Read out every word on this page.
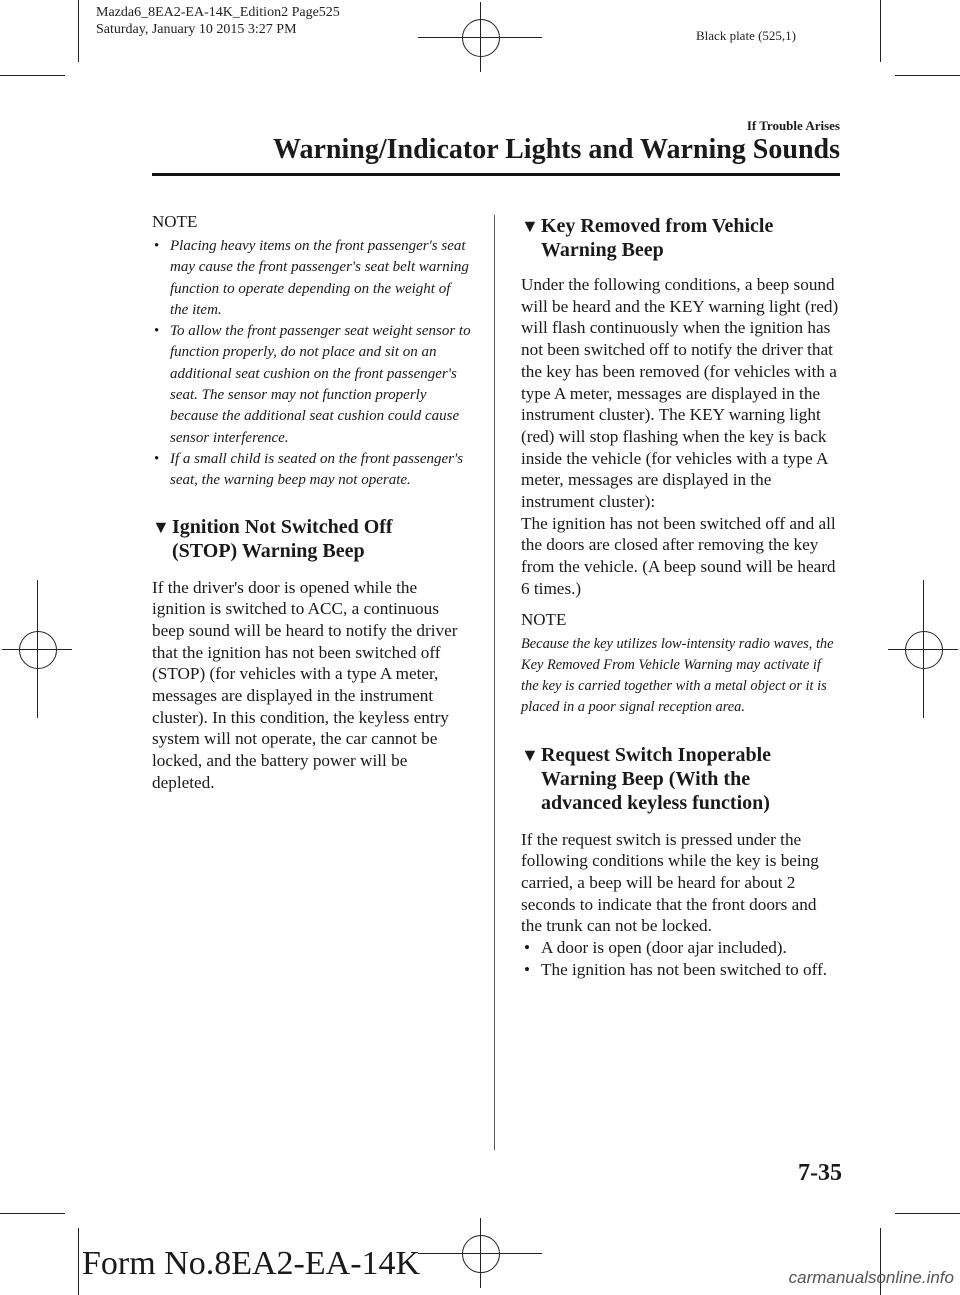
Mazda6_8EA2-EA-14K_Edition2 Page525
Saturday, January 10 2015 3:27 PM	Black plate (525,1)
If Trouble Arises
Warning/Indicator Lights and Warning Sounds
NOTE
• Placing heavy items on the front passenger's seat may cause the front passenger's seat belt warning function to operate depending on the weight of the item.
• To allow the front passenger seat weight sensor to function properly, do not place and sit on an additional seat cushion on the front passenger's seat. The sensor may not function properly because the additional seat cushion could cause sensor interference.
• If a small child is seated on the front passenger's seat, the warning beep may not operate.
▼ Ignition Not Switched Off
(STOP) Warning Beep

If the driver's door is opened while the ignition is switched to ACC, a continuous beep sound will be heard to notify the driver that the ignition has not been switched off (STOP) (for vehicles with a type A meter, messages are displayed in the instrument cluster). In this condition, the keyless entry system will not operate, the car cannot be locked, and the battery power will be depleted.

▼ Key Removed from Vehicle
Warning Beep

Under the following conditions, a beep sound will be heard and the KEY warning light (red) will flash continuously when the ignition has not been switched off to notify the driver that the key has been removed (for vehicles with a type A meter, messages are displayed in the instrument cluster). The KEY warning light (red) will stop flashing when the key is back inside the vehicle (for vehicles with a type A meter, messages are displayed in the instrument cluster):

The ignition has not been switched off and all the doors are closed after removing the key from the vehicle. (A beep sound will be heard 6 times.)

NOTE

Because the key utilizes low-intensity radio waves, the Key Removed From Vehicle Warning may activate if the key is carried together with a metal object or it is placed in a poor signal reception area.

▼ Request Switch Inoperable
Warning Beep (With the
advanced keyless function)

If the request switch is pressed under the following conditions while the key is being carried, a beep will be heard for about 2 seconds to indicate that the front doors and the trunk can not be locked.

• A door is open (door ajar included).
• The ignition has not been switched to off.
7-35
Form No.8EA2-EA-14K	carmanualsonline.info
